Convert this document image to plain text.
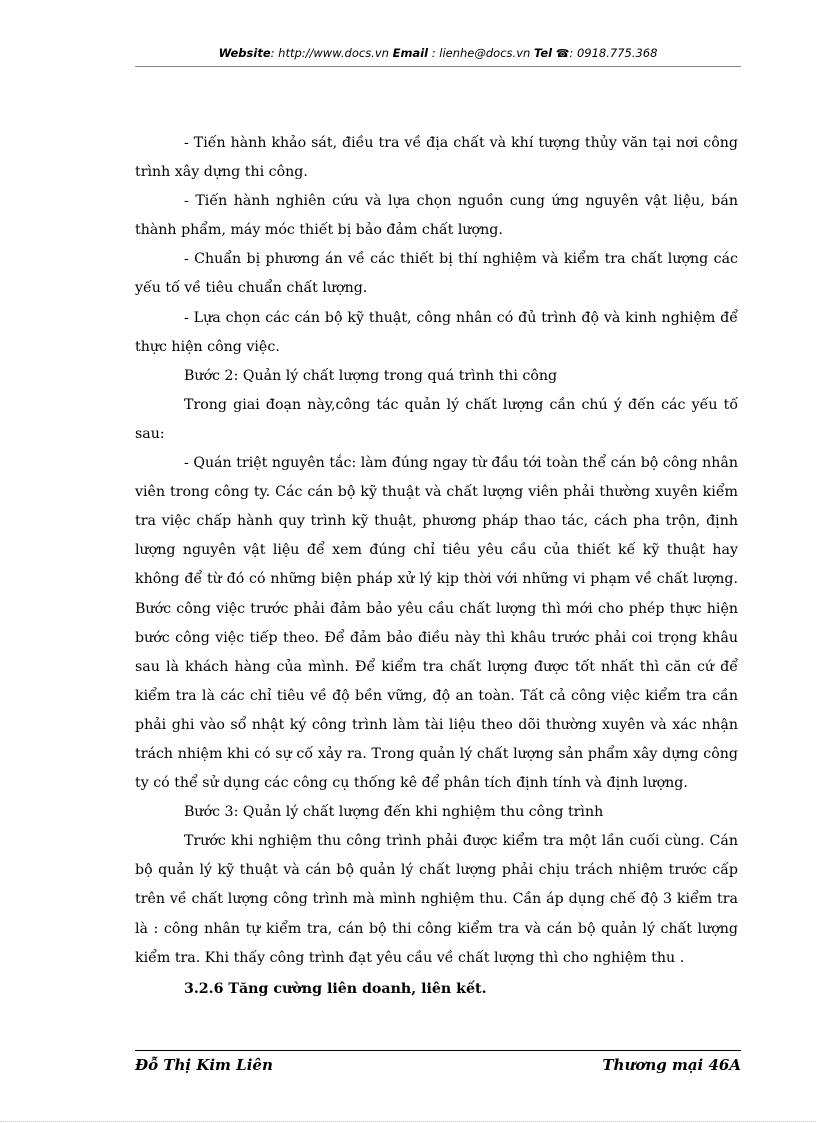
Website: http://www.docs.vn Email : lienhe@docs.vn Tel ☎: 0918.775.368

- Tiến hành khảo sát, điều tra về địa chất và khí tượng thủy văn tại nơi công trình xây dựng thi công.

- Tiến hành nghiên cứu và lựa chọn nguồn cung ứng nguyên vật liệu, bán thành phẩm, máy móc thiết bị bảo đảm chất lượng.

- Chuẩn bị phương án về các thiết bị thí nghiệm và kiểm tra chất lượng các yếu tố về tiêu chuẩn chất lượng.

- Lựa chọn các cán bộ kỹ thuật, công nhân có đủ trình độ và kinh nghiệm để thực hiện công việc.

Bước 2: Quản lý chất lượng trong quá trình thi công

Trong giai đoạn này,công tác quản lý chất lượng cần chú ý đến các yếu tố sau:

- Quán triệt nguyên tắc: làm đúng ngay từ đầu tới toàn thể cán bộ công nhân viên trong công ty. Các cán bộ kỹ thuật và chất lượng viên phải thường xuyên kiểm tra việc chấp hành quy trình kỹ thuật, phương pháp thao tác, cách pha trộn, định lượng nguyên vật liệu để xem đúng chỉ tiêu yêu cầu của thiết kế kỹ thuật hay không để từ đó có những biện pháp xử lý kịp thời với những vi phạm về chất lượng. Bước công việc trước phải đảm bảo yêu cầu chất lượng thì mới cho phép thực hiện bước công việc tiếp theo. Để đảm bảo điều này thì khâu trước phải coi trọng khâu sau là khách hàng của mình. Để kiểm tra chất lượng được tốt nhất thì căn cứ để kiểm tra là các chỉ tiêu về độ bền vững, độ an toàn. Tất cả công việc kiểm tra cần phải ghi vào sổ nhật ký công trình làm tài liệu theo dõi thường xuyên và xác nhận trách nhiệm khi có sự cố xảy ra. Trong quản lý chất lượng sản phẩm xây dựng công ty có thể sử dụng các công cụ thống kê để phân tích định tính và định lượng.

Bước 3: Quản lý chất lượng đến khi nghiệm thu công trình

Trước khi nghiệm thu công trình phải được kiểm tra một lần cuối cùng. Cán bộ quản lý kỹ thuật và cán bộ quản lý chất lượng phải chịu trách nhiệm trước cấp trên về chất lượng công trình mà mình nghiệm thu. Cần áp dụng chế độ 3 kiểm tra là : công nhân tự kiểm tra, cán bộ thi công kiểm tra và cán bộ quản lý chất lượng kiểm tra. Khi thấy công trình đạt yêu cầu về chất lượng thì cho nghiệm thu .

3.2.6 Tăng cường liên doanh, liên kết.

Đỗ Thị Kim Liên	Thương mại 46A
